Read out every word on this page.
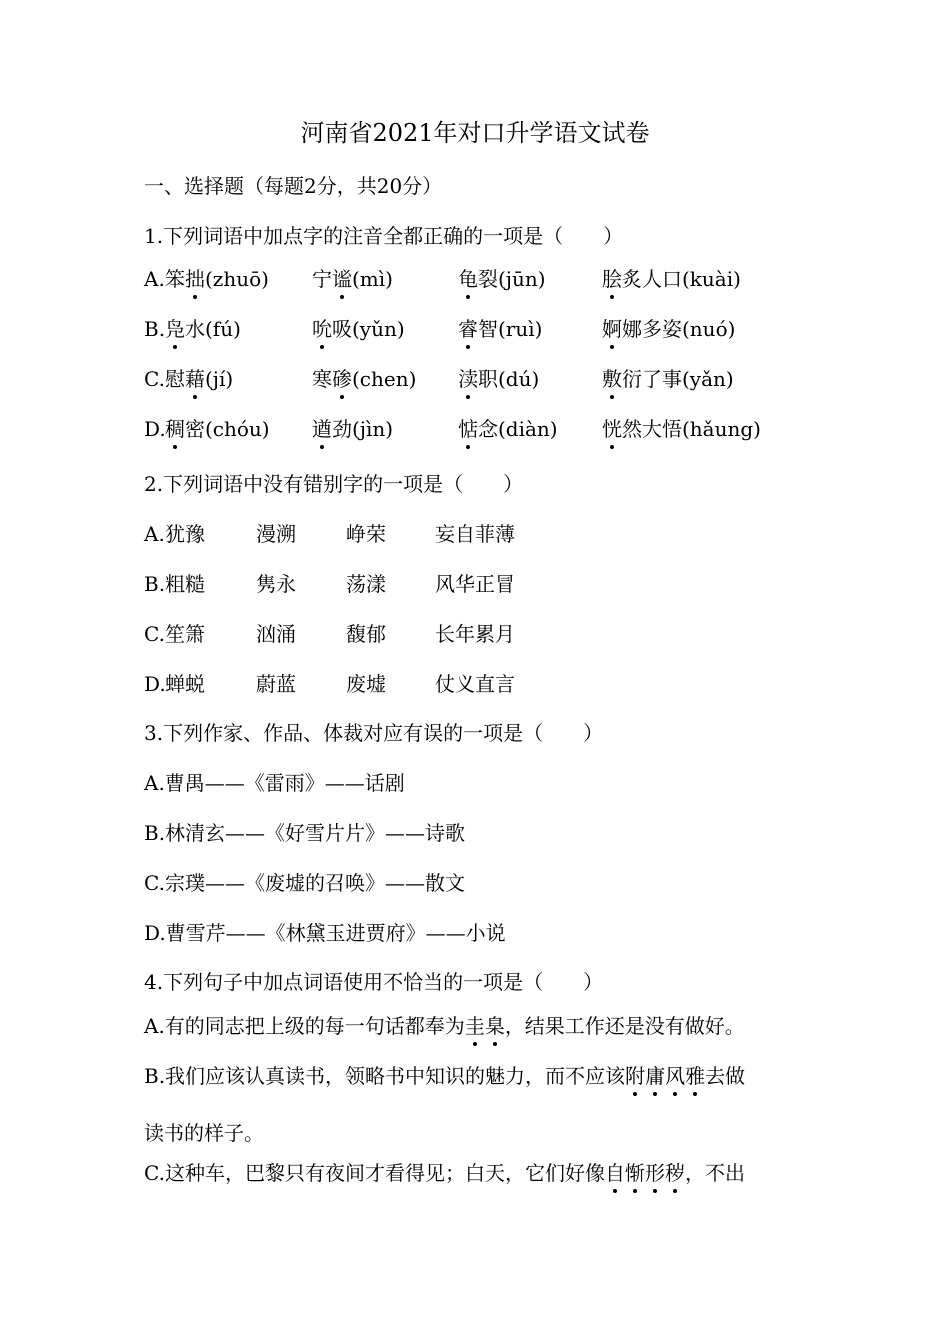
河南省2021年对口升学语文试卷
一、选择题（每题2分，共20分）
1.下列词语中加点字的注音全都正确的一项是（　　）
2.下列词语中没有错别字的一项是（　　）
3.下列作家、作品、体裁对应有误的一项是（　　）
A.曹禺——《雷雨》——话剧
B.林清玄——《好雪片片》——诗歌
C.宗璞——《废墟的召唤》——散文
D.曹雪芹——《林黛玉进贾府》——小说
4.下列句子中加点词语使用不恰当的一项是（　　）
A.有的同志把上级的每一句话都奉为圭臬，结果工作还是没有做好。
B.我们应该认真读书，领略书中知识的魅力，而不应该附庸风雅去做
读书的样子。
C.这种车，巴黎只有夜间才看得见；白天，它们好像自惭形秽，不出
A. 笨拙(zhuō) 宁谧(mì)	龟裂(jūn)	脍炙人口(kuài)
B. 凫水(fú)	吮吸(yǔn)	睿智(ruì)	婀娜多姿(nuó)
C. 慰藉(jí)	寒碜(chen) 渎职(dú)	敷衍了事(yǎn)
D. 稠密(chóu) 遒劲(jìn)	惦念(diàn) 恍然大悟(hǎung)
A. 犹豫	漫溯	峥荣 妄自菲薄
B. 粗糙	隽永	荡漾 风华正冒
C. 笙箫	汹涌	馥郁 长年累月
D. 蝉蜕	蔚蓝	废墟 仗义直言
